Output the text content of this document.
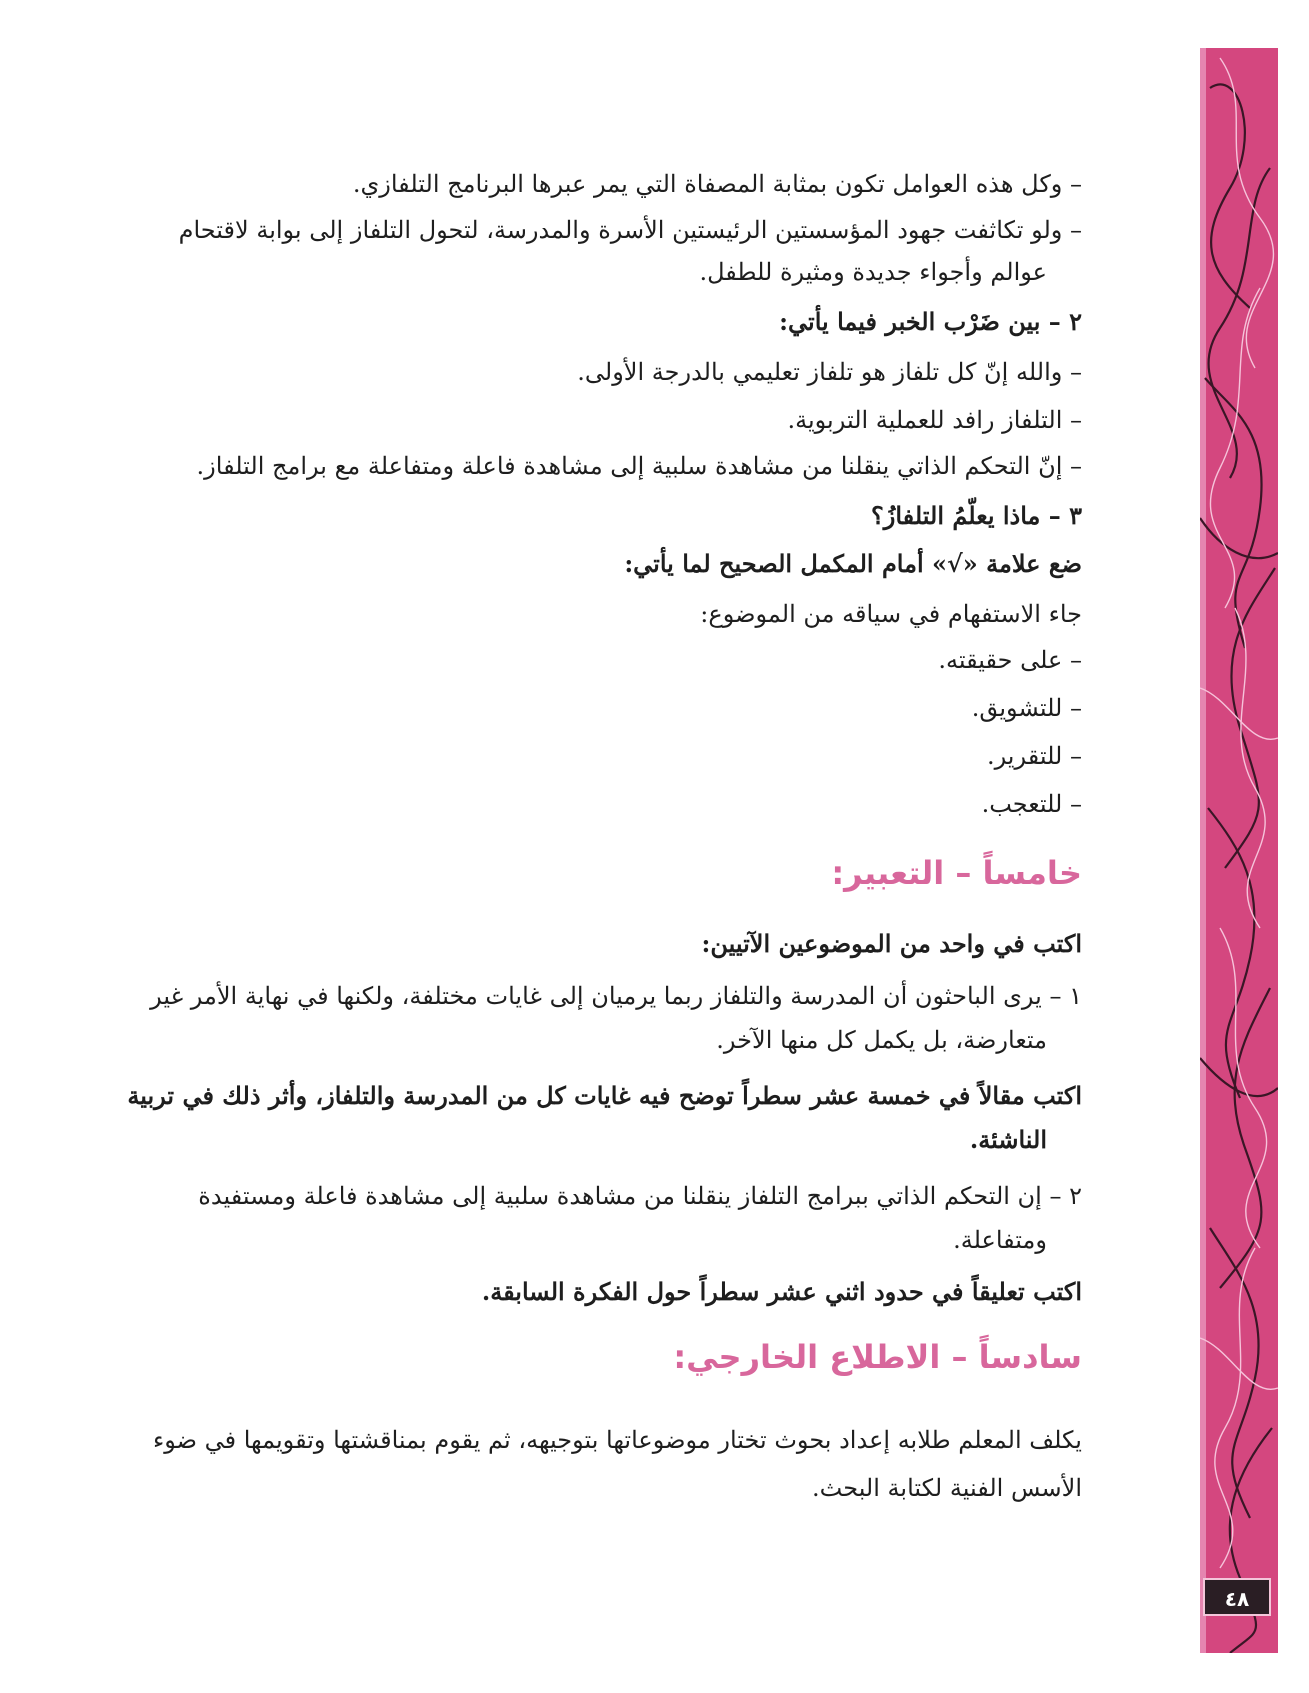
٤٨
– وكل هذه العوامل تكون بمثابة المصفاة التي يمر عبرها البرنامج التلفازي.
– ولو تكاثفت جهود المؤسستين الرئيستين الأسرة والمدرسة، لتحول التلفاز إلى بوابة لاقتحام
عوالم وأجواء جديدة ومثيرة للطفل.
٢ – بين ضَرْب الخبر فيما يأتي:
– والله إنّ كل تلفاز هو تلفاز تعليمي بالدرجة الأولى.
– التلفاز رافد للعملية التربوية.
– إنّ التحكم الذاتي ينقلنا من مشاهدة سلبية إلى مشاهدة فاعلة ومتفاعلة مع برامج التلفاز.
٣ – ماذا يعلّمُ التلفازُ؟
ضع علامة «√» أمام المكمل الصحيح لما يأتي:
جاء الاستفهام في سياقه من الموضوع:
– على حقيقته.
– للتشويق.
– للتقرير.
– للتعجب.
خامساً – التعبير:
اكتب في واحد من الموضوعين الآتيين:
١ – يرى الباحثون أن المدرسة والتلفاز ربما يرميان إلى غايات مختلفة، ولكنها في نهاية الأمر غير
متعارضة، بل يكمل كل منها الآخر.
اكتب مقالاً في خمسة عشر سطراً توضح فيه غايات كل من المدرسة والتلفاز، وأثر ذلك في تربية
الناشئة.
٢ – إن التحكم الذاتي ببرامج التلفاز ينقلنا من مشاهدة سلبية إلى مشاهدة فاعلة ومستفيدة
ومتفاعلة.
اكتب تعليقاً في حدود اثني عشر سطراً حول الفكرة السابقة.
سادساً – الاطلاع الخارجي:
يكلف المعلم طلابه إعداد بحوث تختار موضوعاتها بتوجيهه، ثم يقوم بمناقشتها وتقويمها في ضوء
الأسس الفنية لكتابة البحث.
